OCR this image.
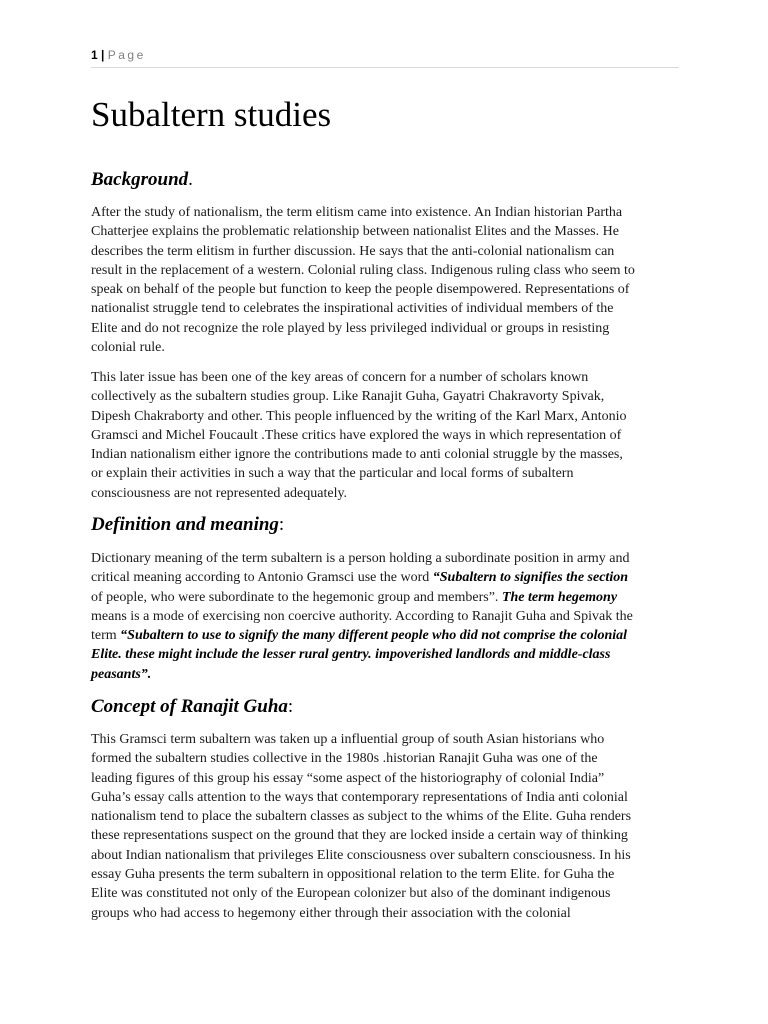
1 | Page
Subaltern studies
Background.
After the study of nationalism, the term elitism came into existence. An Indian historian Partha
Chatterjee explains the problematic relationship between nationalist Elites and the Masses. He
describes the term elitism in further discussion. He says that the anti-colonial nationalism can
result in the replacement of a western. Colonial ruling class. Indigenous ruling class who seem to
speak on behalf of the people but function to keep the people disempowered. Representations of
nationalist struggle tend to celebrates the inspirational activities of individual members of the
Elite and do not recognize the role played by less privileged individual or groups in resisting
colonial rule.
This later issue has been one of the key areas of concern for a number of scholars known
collectively as the subaltern studies group. Like Ranajit Guha, Gayatri Chakravorty Spivak,
Dipesh Chakraborty and other. This people influenced by the writing of the Karl Marx, Antonio
Gramsci and Michel Foucault .These critics have explored the ways in which representation of
Indian nationalism either ignore the contributions made to anti colonial struggle by the masses,
or explain their activities in such a way that the particular and local forms of subaltern
consciousness are not represented adequately.
Definition and meaning:
Dictionary meaning of the term subaltern is a person holding a subordinate position in army and
critical meaning according to Antonio Gramsci use the word “Subaltern to signifies the section
of people, who were subordinate to the hegemonic group and members”. The term hegemony
means is a mode of exercising non coercive authority. According to Ranajit Guha and Spivak the
term “Subaltern to use to signify the many different people who did not comprise the colonial
Elite. these might include the lesser rural gentry. impoverished landlords and middle-class
peasants”.
Concept of Ranajit Guha:
This Gramsci term subaltern was taken up a influential group of south Asian historians who
formed the subaltern studies collective in the 1980s .historian Ranajit Guha was one of the
leading figures of this group his essay “some aspect of the historiography of colonial India”
Guha’s essay calls attention to the ways that contemporary representations of India anti colonial
nationalism tend to place the subaltern classes as subject to the whims of the Elite. Guha renders
these representations suspect on the ground that they are locked inside a certain way of thinking
about Indian nationalism that privileges Elite consciousness over subaltern consciousness. In his
essay Guha presents the term subaltern in oppositional relation to the term Elite. for Guha the
Elite was constituted not only of the European colonizer but also of the dominant indigenous
groups who had access to hegemony either through their association with the colonial
